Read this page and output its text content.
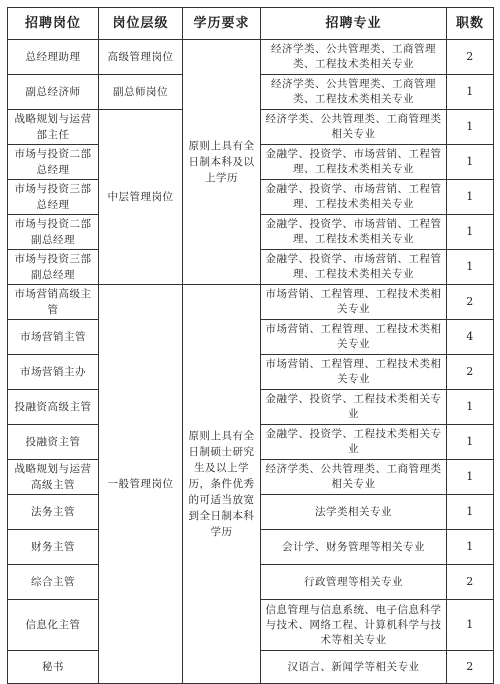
招聘岗位	岗位层级	学历要求	招聘专业	职数
总经理助理	高级管理岗位	原则上具有全日制本科及以上学历	经济学类、公共管理类、工商管理类、工程技术类相关专业	2
副总经济师	副总师岗位		经济学类、公共管理类、工商管理类、工程技术类相关专业	1
战略规划与运营部主任	中层管理岗位		经济学类、公共管理类、工商管理类相关专业	1
市场与投资二部总经理			金融学、投资学、市场营销、工程管理、工程技术类相关专业	1
市场与投资三部总经理			金融学、投资学、市场营销、工程管理、工程技术类相关专业	1
市场与投资二部副总经理			金融学、投资学、市场营销、工程管理、工程技术类相关专业	1
市场与投资三部副总经理			金融学、投资学、市场营销、工程管理、工程技术类相关专业	1
市场营销高级主管	一般管理岗位	原则上具有全日制硕士研究生及以上学历，条件优秀的可适当放宽到全日制本科学历	市场营销、工程管理、工程技术类相关专业	2
市场营销主管			市场营销、工程管理、工程技术类相关专业	4
市场营销主办			市场营销、工程管理、工程技术类相关专业	2
投融资高级主管			金融学、投资学、工程技术类相关专业	1
投融资主管			金融学、投资学、工程技术类相关专业	1
战略规划与运营高级主管			经济学类、公共管理类、工商管理类相关专业	1
法务主管			法学类相关专业	1
财务主管			会计学、财务管理等相关专业	1
综合主管			行政管理等相关专业	2
信息化主管			信息管理与信息系统、电子信息科学与技术、网络工程、计算机科学与技术等相关专业	1
秘书			汉语言、新闻学等相关专业	2
